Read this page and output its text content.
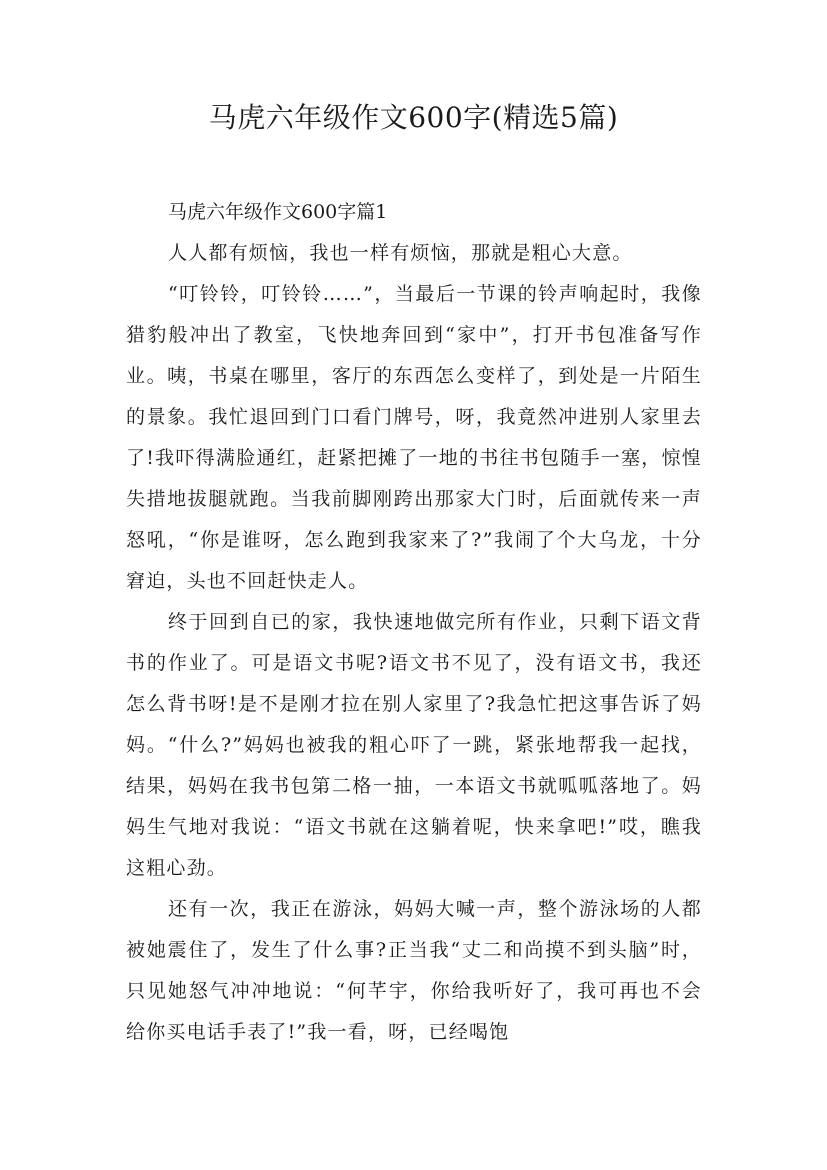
马虎六年级作文600字(精选5篇)

马虎六年级作文600字篇1

人人都有烦恼，我也一样有烦恼，那就是粗心大意。

“叮铃铃，叮铃铃……”，当最后一节课的铃声响起时，我像猎豹般冲出了教室，飞快地奔回到“家中”，打开书包准备写作业。咦，书桌在哪里，客厅的东西怎么变样了，到处是一片陌生的景象。我忙退回到门口看门牌号，呀，我竟然冲进别人家里去了!我吓得满脸通红，赶紧把摊了一地的书往书包随手一塞，惊惶失措地拔腿就跑。当我前脚刚跨出那家大门时，后面就传来一声怒吼，“你是谁呀，怎么跑到我家来了?”我闹了个大乌龙，十分窘迫，头也不回赶快走人。

终于回到自已的家，我快速地做完所有作业，只剩下语文背书的作业了。可是语文书呢?语文书不见了，没有语文书，我还怎么背书呀!是不是刚才拉在别人家里了?我急忙把这事告诉了妈妈。“什么?”妈妈也被我的粗心吓了一跳，紧张地帮我一起找，结果，妈妈在我书包第二格一抽，一本语文书就呱呱落地了。妈妈生气地对我说：“语文书就在这躺着呢，快来拿吧!”哎，瞧我这粗心劲。

还有一次，我正在游泳，妈妈大喊一声，整个游泳场的人都被她震住了，发生了什么事?正当我“丈二和尚摸不到头脑”时，只见她怒气冲冲地说：“何芊宇，你给我听好了，我可再也不会给你买电话手表了!”我一看，呀，已经喝饱
